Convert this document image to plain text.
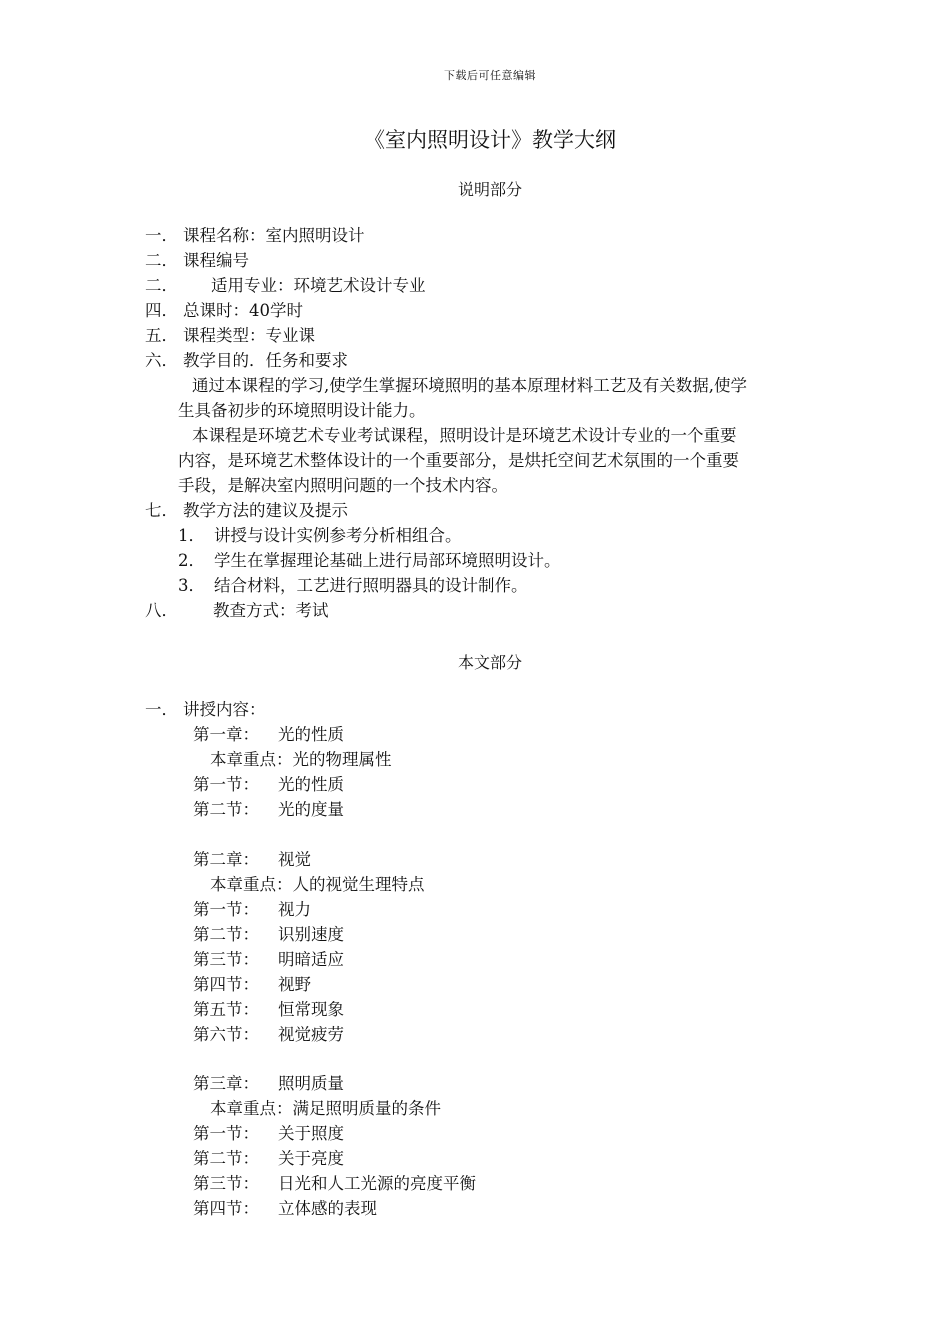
下载后可任意编辑
《室内照明设计》教学大纲
说明部分
一． 课程名称：室内照明设计
二． 课程编号
二． 适用专业：环境艺术设计专业
四． 总课时：40学时
五． 课程类型：专业课
六． 教学目的．任务和要求
通过本课程的学习,使学生掌握环境照明的基本原理材料工艺及有关数据,使学
生具备初步的环境照明设计能力。
本课程是环境艺术专业考试课程，照明设计是环境艺术设计专业的一个重要
内容，是环境艺术整体设计的一个重要部分，是烘托空间艺术氛围的一个重要
手段，是解决室内照明问题的一个技术内容。
七． 教学方法的建议及提示
1． 讲授与设计实例参考分析相组合。
2． 学生在掌握理论基础上进行局部环境照明设计。
3． 结合材料，工艺进行照明器具的设计制作。
八． 教查方式：考试
本文部分
一． 讲授内容：
第一章： 光的性质
本章重点：光的物理属性
第一节： 光的性质
第二节： 光的度量
第二章： 视觉
本章重点：人的视觉生理特点
第一节： 视力
第二节： 识别速度
第三节： 明暗适应
第四节： 视野
第五节： 恒常现象
第六节： 视觉疲劳
第三章： 照明质量
本章重点：满足照明质量的条件
第一节： 关于照度
第二节： 关于亮度
第三节： 日光和人工光源的亮度平衡
第四节： 立体感的表现
